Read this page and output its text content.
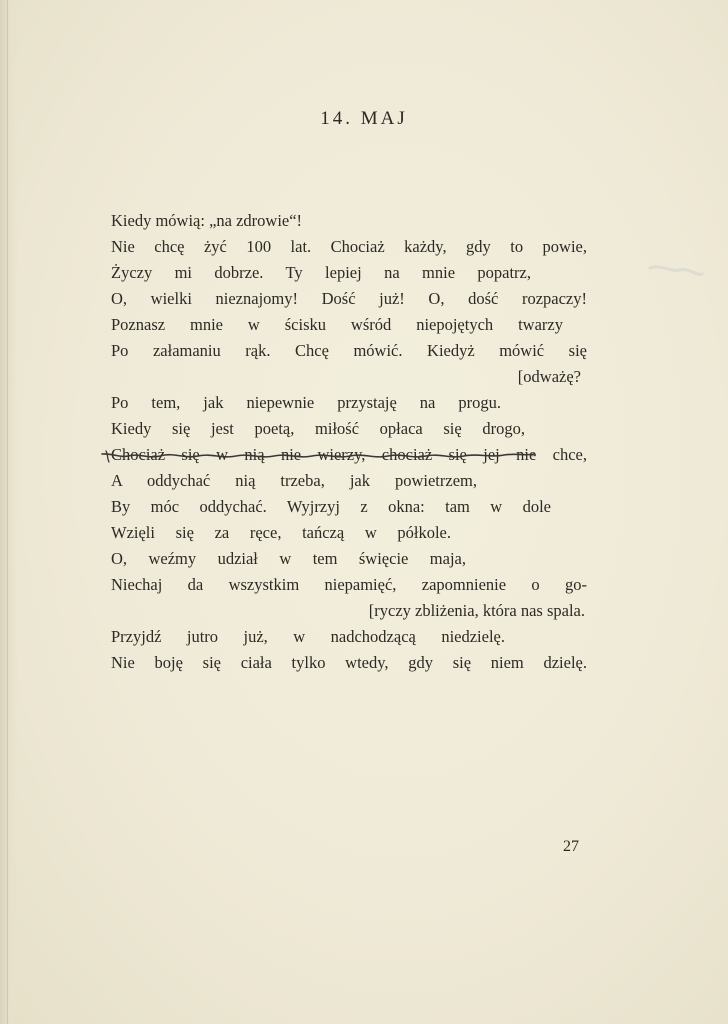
14. MAJ
Kiedy mówią: „na zdrowie“!
Nie chcę żyć 100 lat. Chociaż każdy, gdy to powie,
Życzy mi dobrze. Ty lepiej na mnie popatrz,
O, wielki nieznajomy! Dość już! O, dość rozpaczy!
Poznasz mnie w ścisku wśród niepojętych twarzy
Po załamaniu rąk. Chcę mówić. Kiedyż mówić się
[odważę?
Po tem, jak niepewnie przystaję na progu.
Kiedy się jest poetą, miłość opłaca się drogo,
Chociaż się w nią nie wierzy, chociaż się jej nie chce,
A oddychać nią trzeba, jak powietrzem,
By móc oddychać. Wyjrzyj z okna: tam w dole
Wzięli się za ręce, tańczą w półkole.
O, weźmy udział w tem święcie maja,
Niechaj da wszystkim niepamięć, zapomnienie o go-
[ryczy zbliżenia, która nas spala.
Przyjdź jutro już, w nadchodzącą niedzielę.
Nie boję się ciała tylko wtedy, gdy się niem dzielę.
27
